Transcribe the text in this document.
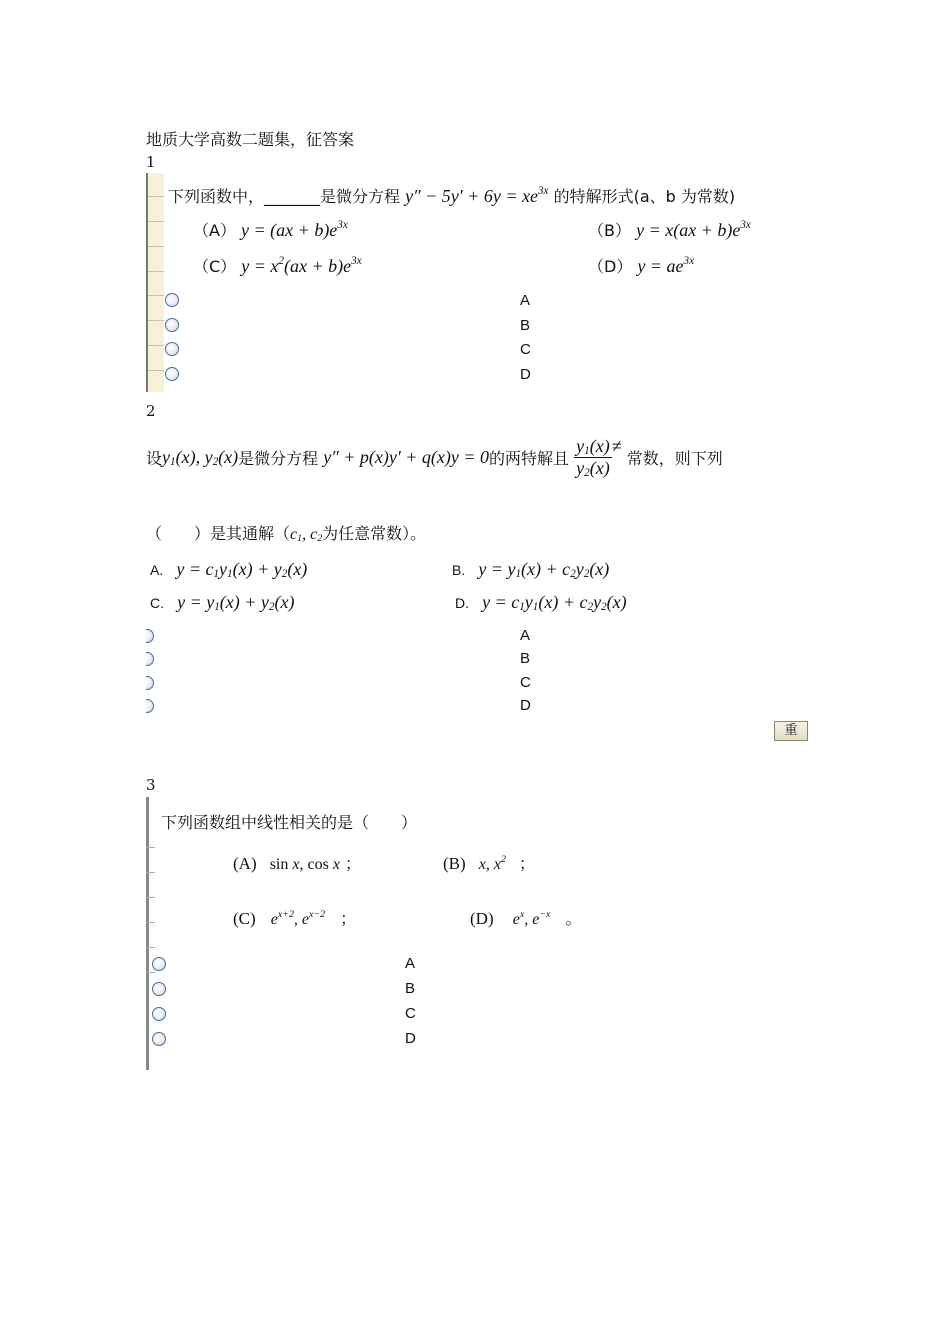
地质大学高数二题集，征答案
1
下列函数中，_______是微分方程 $y'' - 5y' + 6y = xe^{3x}$ 的特解形式(a、b 为常数)
（A） $y = (ax + b)e^{3x}$	（B） $y = x(ax + b)e^{3x}$
（C） $y = x^2(ax + b)e^{3x}$	（D） $y = ae^{3x}$
A
B
C
D
2
设$y_1(x)$, $y_2(x)$是微分方程 y″ + p(x)y′ + q(x)y = 0的两特解且 $\frac{y_1(x)}{y_2(x)}$ ≠ 常数，则下列
（　　）是其通解（$c_1$, $c_2$为任意常数）。
A. $y = c_1y_1(x) + y_2(x)$	B. $y = y_1(x) + c_2y_2(x)$
C. $y = y_1(x) + y_2(x)$	D. $y = c_1y_1(x) + c_2y_2(x)$
A
B
C
D
重
3
下列函数组中线性相关的是（　　）
(A) sin x, cos x ；	(B) x, $x^2$ ；
(C) $e^{x+2}$, $e^{x-2}$ ；	(D) $e^x$, $e^{-x}$ 。
A
B
C
D
